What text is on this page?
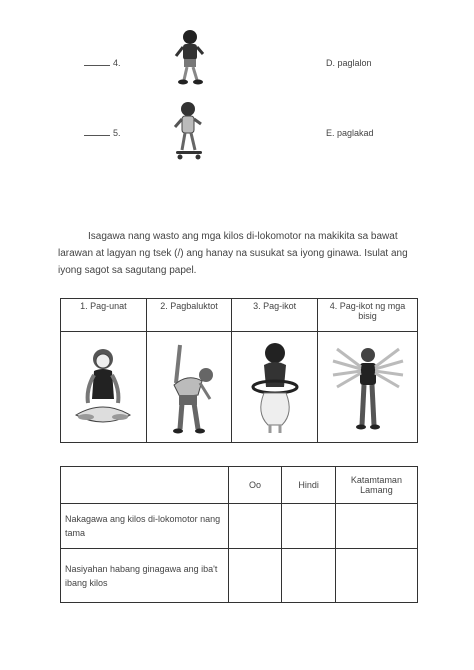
4.	D. paglalon
5.	E. paglakad
Isagawa nang wasto ang mga kilos di-lokomotor na makikita sa bawat larawan at lagyan ng tsek (/) ang hanay na susukat sa iyong ginawa. Isulat ang iyong sagot sa sagutang papel.
1. Pag-unat	2. Pagbaluktot	3. Pag-ikot	4. Pag-ikot ng mga bisig

	Oo	Hindi	Katamtaman Lamang
Nakagawa ang kilos di-lokomotor nang tama			
Nasiyahan habang ginagawa ang iba't ibang kilos			
